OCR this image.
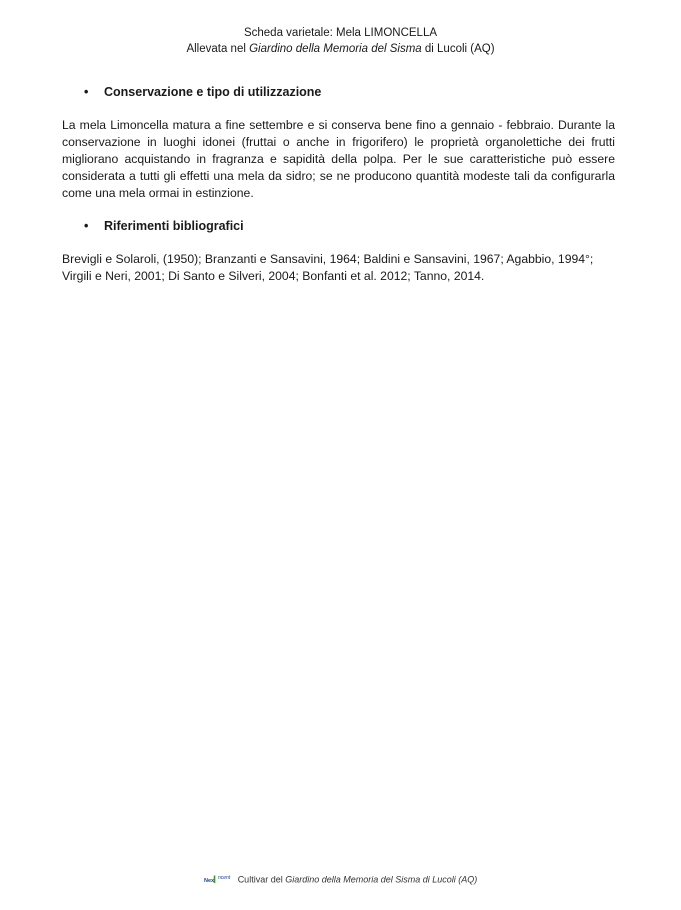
Scheda varietale: Mela LIMONCELLA
Allevata nel Giardino della Memoria del Sisma di Lucoli (AQ)
• Conservazione e tipo di utilizzazione
La mela Limoncella matura a fine settembre e si conserva bene fino a gennaio - febbraio. Durante la conservazione in luoghi idonei (fruttai o anche in frigorifero) le proprietà organolettiche dei frutti migliorano acquistando in fragranza e sapidità della polpa. Per le sue caratteristiche può essere considerata a tutti gli effetti una mela da sidro; se ne producono quantità modeste tali da configurarla come una mela ormai in estinzione.
• Riferimenti bibliografici
Brevigli e Solaroli, (1950); Branzanti e Sansavini, 1964; Baldini e Sansavini, 1967; Agabbio, 1994°;
Virgili e Neri, 2001; Di Santo e Silveri, 2004; Bonfanti et al. 2012; Tanno, 2014.
Nex
I ncent Cultivar del Giardino della Memoria del Sisma di Lucoli (AQ)
